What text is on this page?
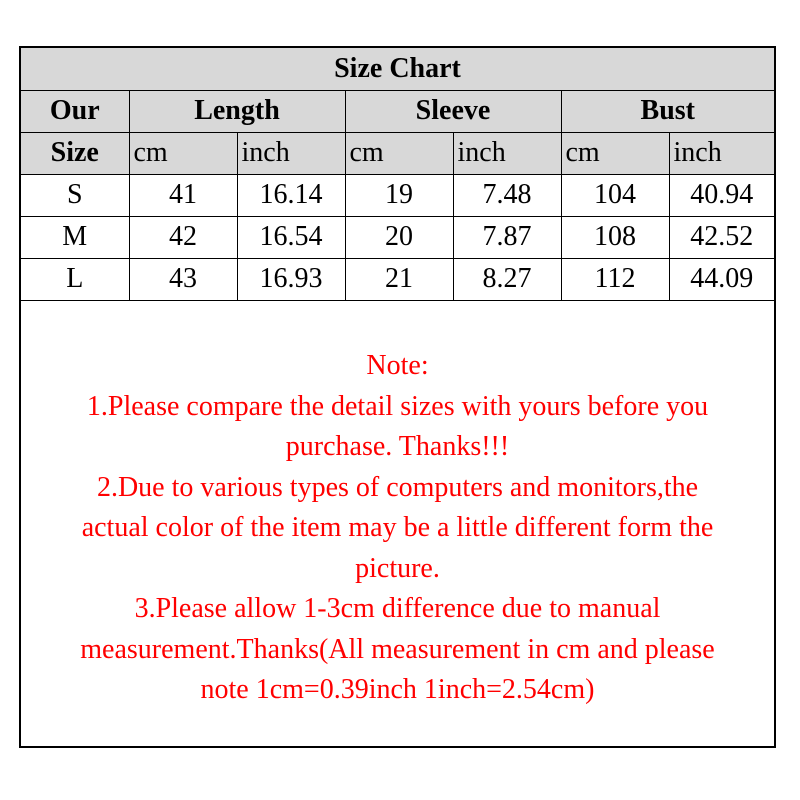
Size Chart						
Our	Length		Sleeve		Bust	
Size	cm	inch	cm	inch	cm	inch
S	41	16.14	19	7.48	104	40.94
M	42	16.54	20	7.87	108	42.52
L	43	16.93	21	8.27	112	44.09
Note:
1.Please compare the detail sizes with yours before you
purchase. Thanks!!!
2.Due to various types of computers and monitors,the
actual color of the item may be a little different form the
picture.
3.Please allow 1-3cm difference due to manual
measurement.Thanks(All measurement in cm and please
note 1cm=0.39inch 1inch=2.54cm)
